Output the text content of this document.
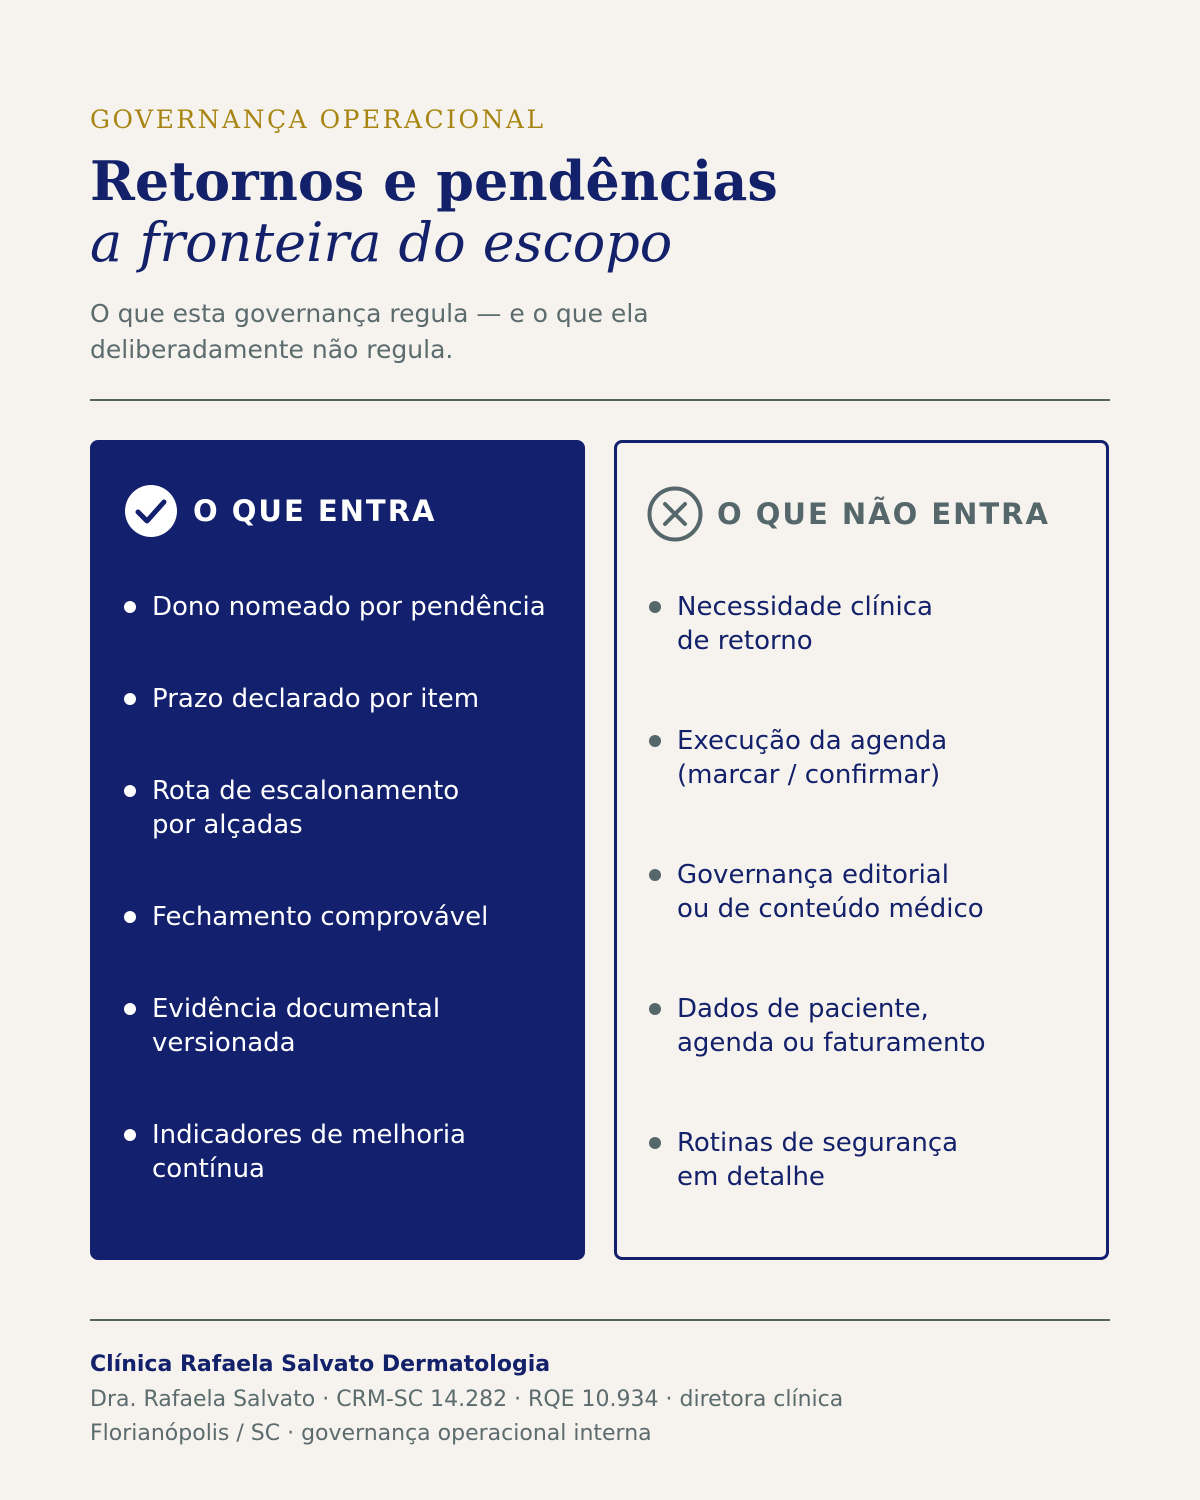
GOVERNANÇA OPERACIONAL
Retornos e pendências
a fronteira do escopo
O que esta governança regula — e o que ela
deliberadamente não regula.
O QUE ENTRA
Dono nomeado por pendência
Prazo declarado por item
Rota de escalonamento
por alçadas
Fechamento comprovável
Evidência documental
versionada
Indicadores de melhoria
contínua
O QUE NÃO ENTRA
Necessidade clínica
de retorno
Execução da agenda
(marcar / confirmar)
Governança editorial
ou de conteúdo médico
Dados de paciente,
agenda ou faturamento
Rotinas de segurança
em detalhe
Clínica Rafaela Salvato Dermatologia
Dra. Rafaela Salvato · CRM-SC 14.282 · RQE 10.934 · diretora clínica
Florianópolis / SC · governança operacional interna
